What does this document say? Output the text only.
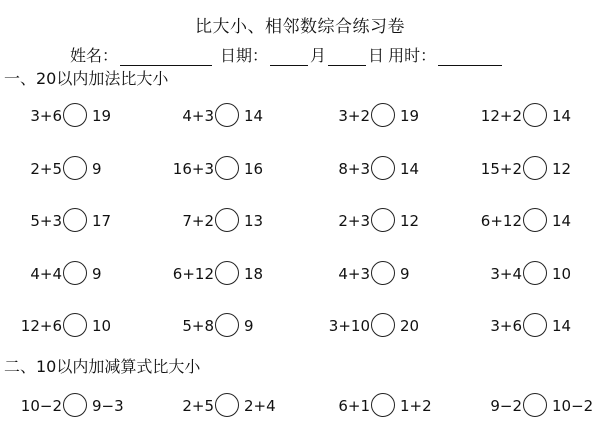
比大小、相邻数综合练习卷
姓名：	日期：	月	日 用时：
一、20以内加法比大小
3+6 19	4+3 14	3+2 19	12+2 14
2+5 9	16+3 16	8+3 14	15+2 12
5+3 17	7+2 13	2+3 12	6+12 14
4+4 9	6+12 18	4+3 9	3+4 10
12+6 10	5+8 9	3+10 20	3+6 14
二、10以内加减算式比大小
10−2 9−3	2+5 2+4	6+1 1+2	9−2 10−2
